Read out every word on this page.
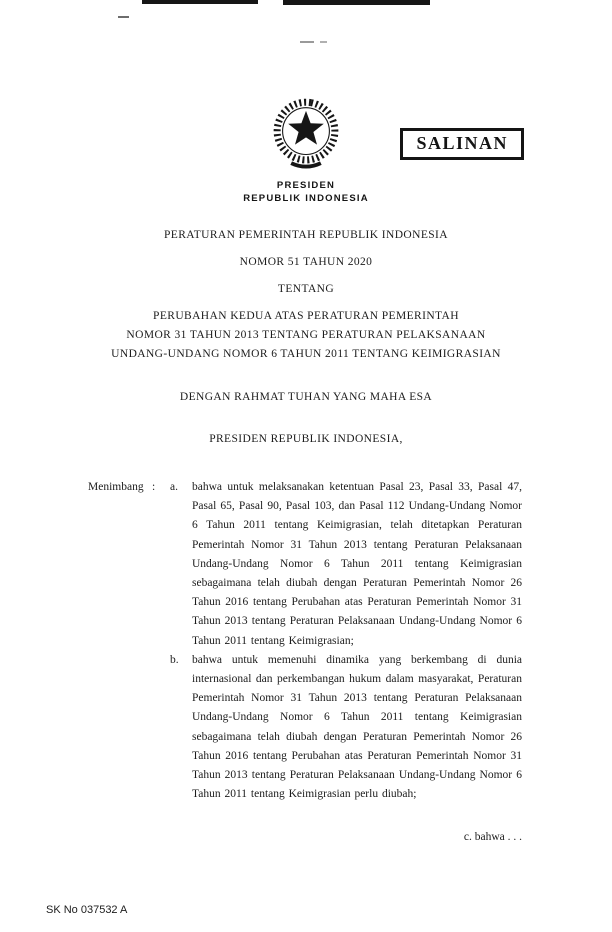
SALINAN
PRESIDEN
REPUBLIK INDONESIA
PERATURAN PEMERINTAH REPUBLIK INDONESIA
NOMOR 51 TAHUN 2020
TENTANG
PERUBAHAN KEDUA ATAS PERATURAN PEMERINTAH
NOMOR 31 TAHUN 2013 TENTANG PERATURAN PELAKSANAAN
UNDANG-UNDANG NOMOR 6 TAHUN 2011 TENTANG KEIMIGRASIAN
DENGAN RAHMAT TUHAN YANG MAHA ESA
PRESIDEN REPUBLIK INDONESIA,
Menimbang :	a.	bahwa untuk melaksanakan ketentuan Pasal 23, Pasal 33, Pasal 47, Pasal 65, Pasal 90, Pasal 103, dan Pasal 112 Undang-Undang Nomor 6 Tahun 2011 tentang Keimigrasian, telah ditetapkan Peraturan Pemerintah Nomor 31 Tahun 2013 tentang Peraturan Pelaksanaan Undang-Undang Nomor 6 Tahun 2011 tentang Keimigrasian sebagaimana telah diubah dengan Peraturan Pemerintah Nomor 26 Tahun 2016 tentang Perubahan atas Peraturan Pemerintah Nomor 31 Tahun 2013 tentang Peraturan Pelaksanaan Undang-Undang Nomor 6 Tahun 2011 tentang Keimigrasian;
b.	bahwa untuk memenuhi dinamika yang berkembang di dunia internasional dan perkembangan hukum dalam masyarakat, Peraturan Pemerintah Nomor 31 Tahun 2013 tentang Peraturan Pelaksanaan Undang-Undang Nomor 6 Tahun 2011 tentang Keimigrasian sebagaimana telah diubah dengan Peraturan Pemerintah Nomor 26 Tahun 2016 tentang Perubahan atas Peraturan Pemerintah Nomor 31 Tahun 2013 tentang Peraturan Pelaksanaan Undang-Undang Nomor 6 Tahun 2011 tentang Keimigrasian perlu diubah;
c. bahwa . . .
SK No 037532 A
